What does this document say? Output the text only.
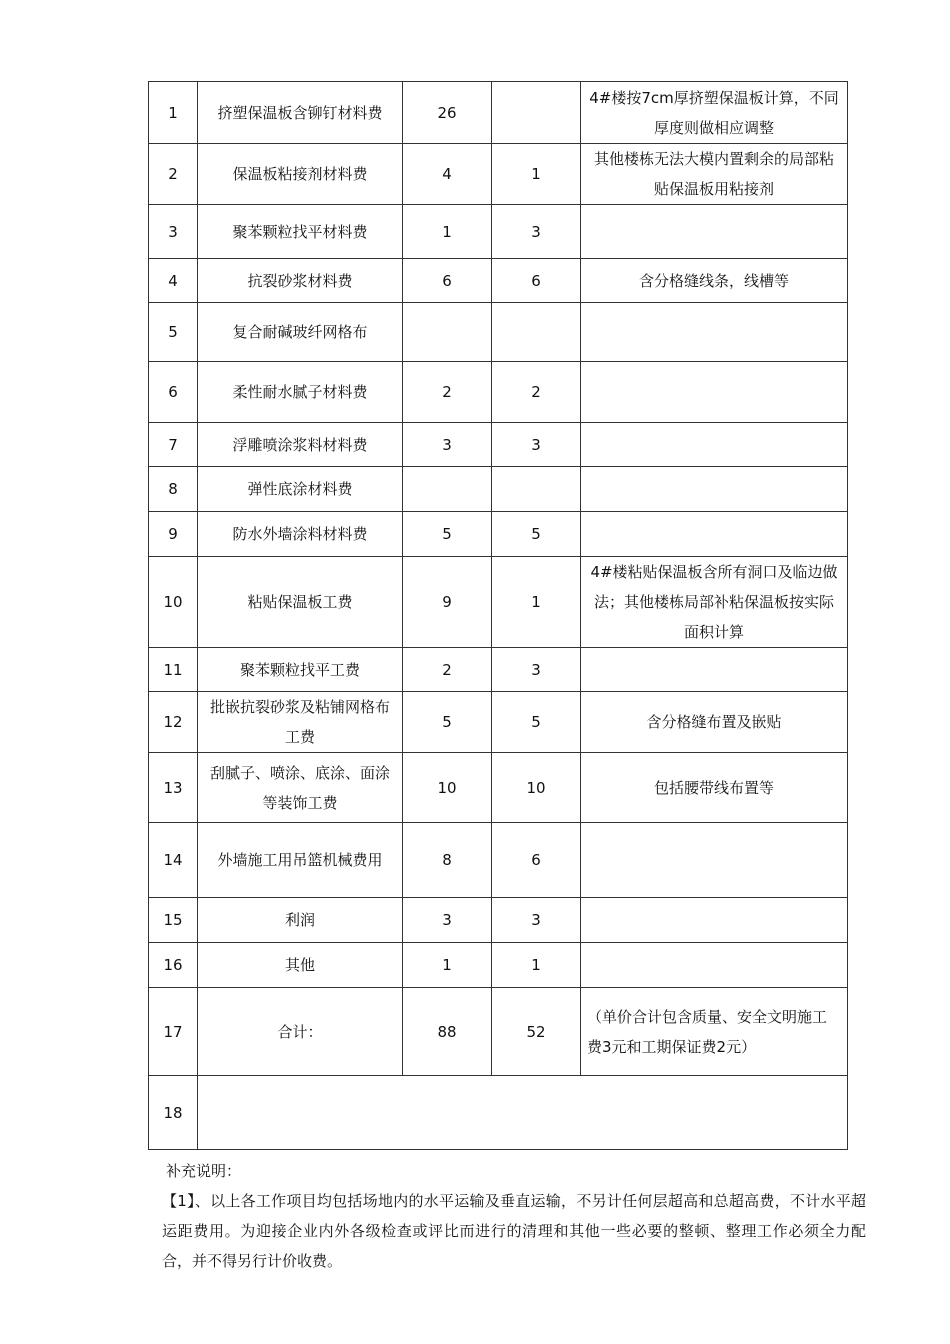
1	挤塑保温板含铆钉材料费	26		4#楼按7cm厚挤塑保温板计算，不同厚度则做相应调整
2	保温板粘接剂材料费	4	1	其他楼栋无法大模内置剩余的局部粘贴保温板用粘接剂
3	聚苯颗粒找平材料费	1	3	
4	抗裂砂浆材料费	6	6	含分格缝线条，线槽等
5	复合耐碱玻纤网格布			
6	柔性耐水腻子材料费	2	2	
7	浮雕喷涂浆料材料费	3	3	
8	弹性底涂材料费			
9	防水外墙涂料材料费	5	5	
10	粘贴保温板工费	9	1	4#楼粘贴保温板含所有洞口及临边做法；其他楼栋局部补粘保温板按实际面积计算
11	聚苯颗粒找平工费	2	3	
12	批嵌抗裂砂浆及粘铺网格布工费	5	5	含分格缝布置及嵌贴
13	刮腻子、喷涂、底涂、面涂等装饰工费	10	10	包括腰带线布置等
14	外墙施工用吊篮机械费用	8	6	
15	利润	3	3	
16	其他	1	1	
17	合计：	88	52	（单价合计包含质量、安全文明施工费3元和工期保证费2元）
18				

补充说明：

【1】、以上各工作项目均包括场地内的水平运输及垂直运输，不另计任何层超高和总超高费，不计水平超运距费用。为迎接企业内外各级检查或评比而进行的清理和其他一些必要的整顿、整理工作必须全力配合，并不得另行计价收费。
